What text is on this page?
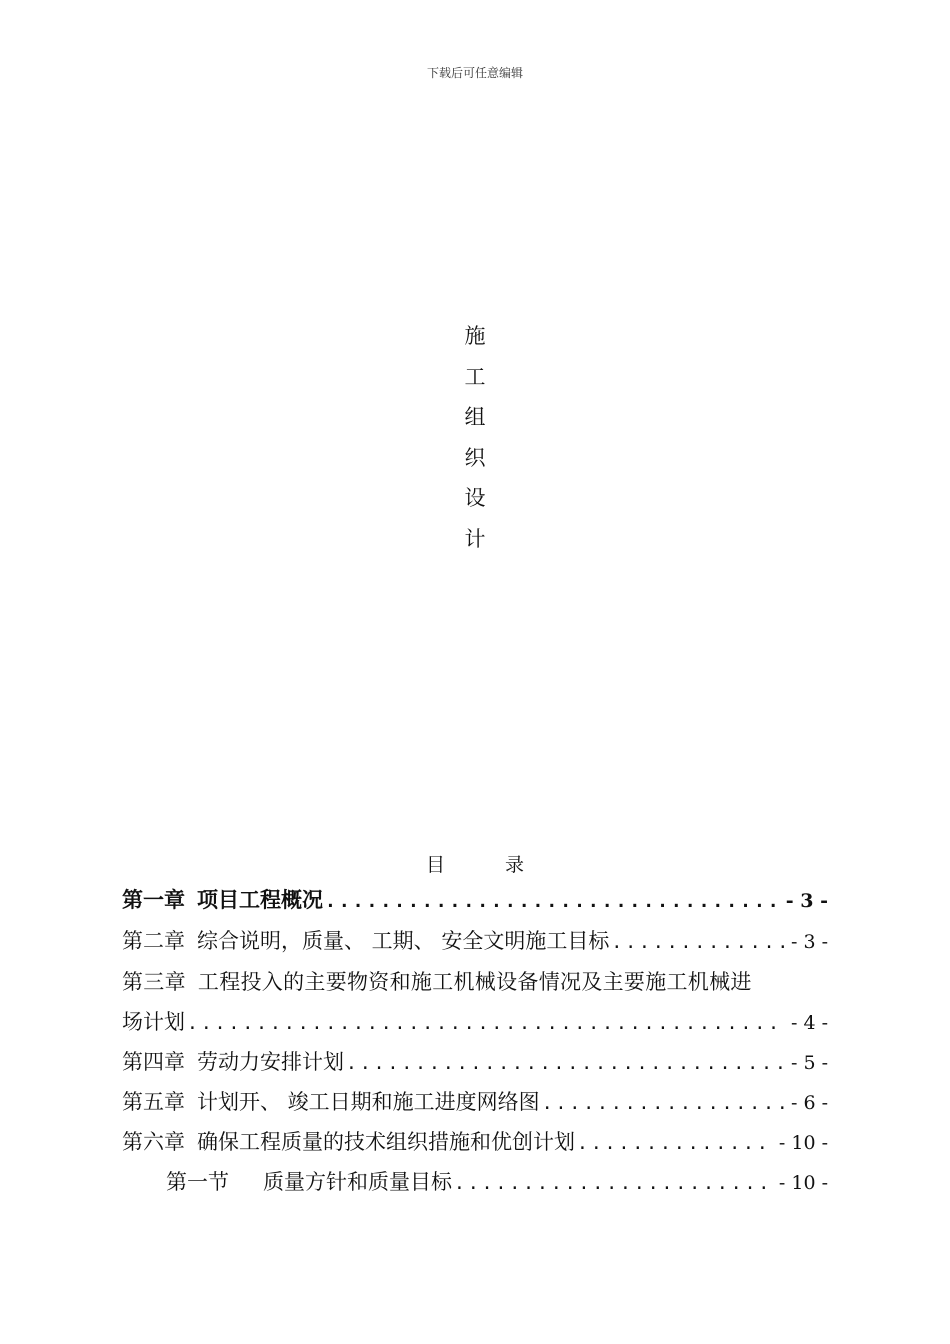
下载后可任意编辑
施
工
组
织
设
计
目	录
第一章 项目工程概况 .....	- 3 -
第二章 综合说明，质量、 工期、 安全文明施工目标 .....	- 3 -
第三章 工程投入的主要物资和施工机械设备情况及主要施工机械进
场计划 .....	- 4 -
第四章 劳动力安排计划 .....	- 5 -
第五章 计划开、 竣工日期和施工进度网络图 .....	- 6 -
第六章 确保工程质量的技术组织措施和优创计划 .....	- 10 -
第一节 质量方针和质量目标 .....	- 10 -
